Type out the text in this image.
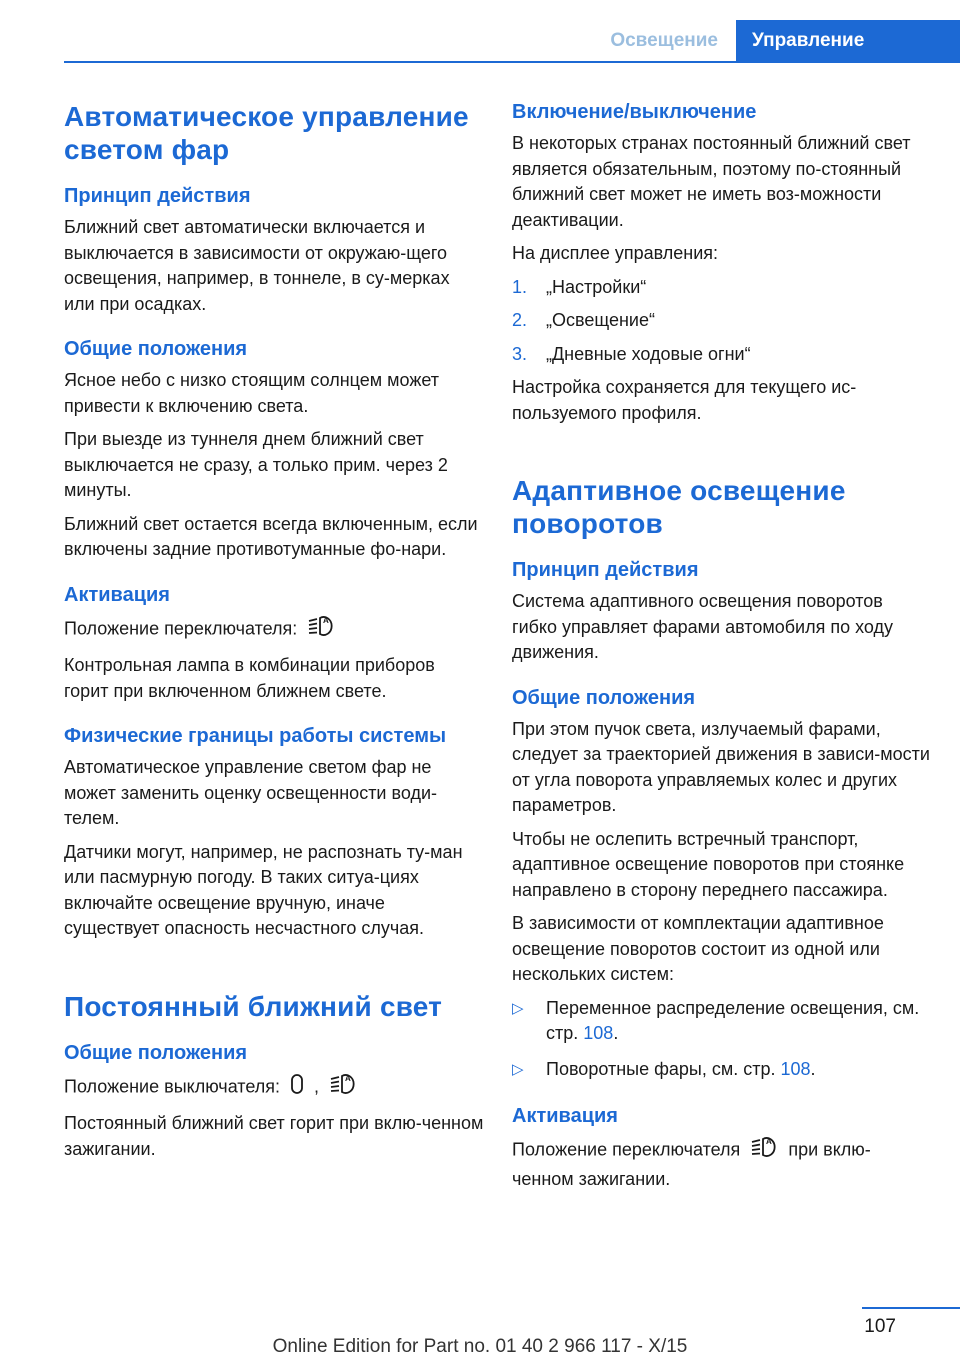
Освещение	Управление
Автоматическое управление светом фар
Принцип действия

Ближний свет автоматически включается и выключается в зависимости от окружаю-щего освещения, например, в тоннеле, в су-мерках или при осадках.

Общие положения

Ясное небо с низко стоящим солнцем может привести к включению света.

При выезде из туннеля днем ближний свет выключается не сразу, а только прим. через 2 минуты.

Ближний свет остается всегда включенным, если включены задние противотуманные фо-нари.

Активация

Положение переключателя:	A

Контрольная лампа в комбинации приборов горит при включенном ближнем свете.

Физические границы работы системы

Автоматическое управление светом фар не может заменить оценку освещенности води-телем.

Датчики могут, например, не распознать ту-ман или пасмурную погоду. В таких ситуа-циях включайте освещение вручную, иначе существует опасность несчастного случая.

Постоянный ближний свет
Общие положения

Положение выключателя: ,	A

Постоянный ближний свет горит при вклю-ченном зажигании.

Включение/выключение

В некоторых странах постоянный ближний свет является обязательным, поэтому по-стоянный ближний свет может не иметь воз-можности деактивации.

На дисплее управления:

1.	„Настройки“
2.	„Освещение“
3.	„Дневные ходовые огни“

Настройка сохраняется для текущего ис-пользуемого профиля.

Адаптивное освещение поворотов
Принцип действия

Система адаптивного освещения поворотов гибко управляет фарами автомобиля по ходу движения.

Общие положения

При этом пучок света, излучаемый фарами, следует за траекторией движения в зависи-мости от угла поворота управляемых колес и других параметров.

Чтобы не ослепить встречный транспорт, адаптивное освещение поворотов при стоянке направлено в сторону переднего пассажира.

В зависимости от комплектации адаптивное освещение поворотов состоит из одной или нескольких систем:

▷	Переменное распределение освещения, см. стр. 108.
▷	Поворотные фары, см. стр. 108.
Активация

Положение переключателя	A при вклю-ченном зажигании.

107
Online Edition for Part no. 01 40 2 966 117 - X/15
